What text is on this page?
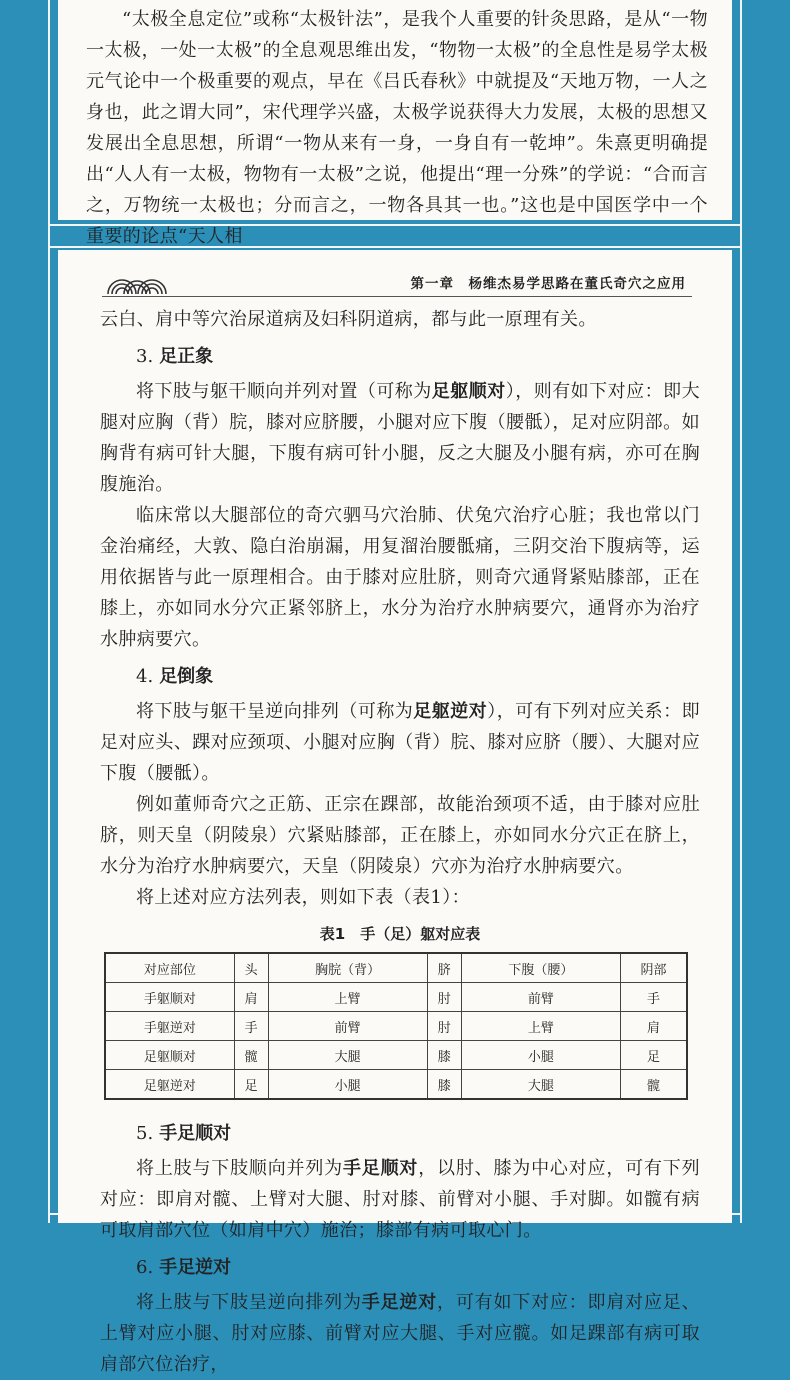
“太极全息定位”或称“太极针法”，是我个人重要的针灸思路，是从“一物一太极，一处一太极”的全息观思维出发，“物物一太极”的全息性是易学太极元气论中一个极重要的观点，早在《吕氏春秋》中就提及“天地万物，一人之身也，此之谓大同”，宋代理学兴盛，太极学说获得大力发展，太极的思想又发展出全息思想，所谓“一物从来有一身，一身自有一乾坤”。朱熹更明确提出“人人有一太极，物物有一太极”之说，他提出“理一分殊”的学说：“合而言之，万物统一太极也；分而言之，一物各具其一也。”这也是中国医学中一个重要的论点“天人相

第一章　杨维杰易学思路在董氏奇穴之应用

云白、肩中等穴治尿道病及妇科阴道病，都与此一原理有关。

3. 足正象

将下肢与躯干顺向并列对置（可称为足躯顺对），则有如下对应：即大腿对应胸（背）脘，膝对应脐腰，小腿对应下腹（腰骶），足对应阴部。如胸背有病可针大腿，下腹有病可针小腿，反之大腿及小腿有病，亦可在胸腹施治。

临床常以大腿部位的奇穴驷马穴治肺、伏兔穴治疗心脏；我也常以门金治痛经，大敦、隐白治崩漏，用复溜治腰骶痛，三阴交治下腹病等，运用依据皆与此一原理相合。由于膝对应肚脐，则奇穴通肾紧贴膝部，正在膝上，亦如同水分穴正紧邻脐上，水分为治疗水肿病要穴，通肾亦为治疗水肿病要穴。

4. 足倒象

将下肢与躯干呈逆向排列（可称为足躯逆对），可有下列对应关系：即足对应头、踝对应颈项、小腿对应胸（背）脘、膝对应脐（腰）、大腿对应下腹（腰骶）。

例如董师奇穴之正筋、正宗在踝部，故能治颈项不适，由于膝对应肚脐，则天皇（阴陵泉）穴紧贴膝部，正在膝上，亦如同水分穴正在脐上，水分为治疗水肿病要穴，天皇（阴陵泉）穴亦为治疗水肿病要穴。

将上述对应方法列表，则如下表（表1）：

表1　手（足）躯对应表
对应部位	头	胸脘（背）	脐	下腹（腰）	阴部
手躯顺对	肩	上臂	肘	前臂	手
手躯逆对	手	前臂	肘	上臂	肩
足躯顺对	髋	大腿	膝	小腿	足
足躯逆对	足	小腿	膝	大腿	髋
5. 手足顺对

将上肢与下肢顺向并列为手足顺对，以肘、膝为中心对应，可有下列对应：即肩对髋、上臂对大腿、肘对膝、前臂对小腿、手对脚。如髋有病可取肩部穴位（如肩中穴）施治；膝部有病可取心门。

6. 手足逆对

将上肢与下肢呈逆向排列为手足逆对，可有如下对应：即肩对应足、上臂对应小腿、肘对应膝、前臂对应大腿、手对应髋。如足踝部有病可取肩部穴位治疗，
